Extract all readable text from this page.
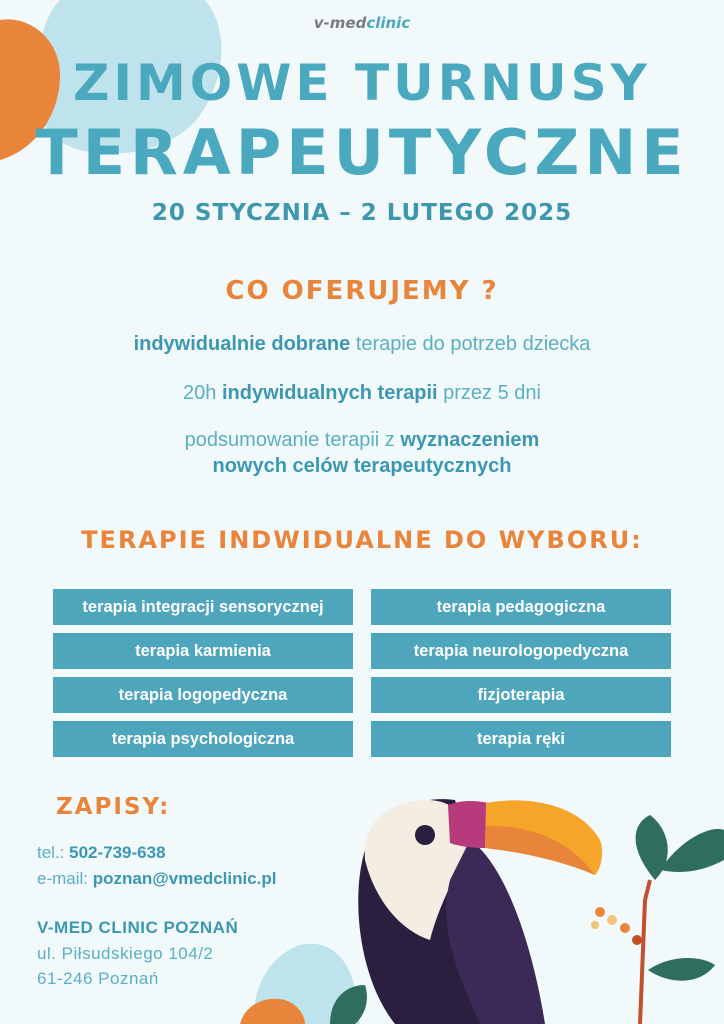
v-medclinic
ZIMOWE TURNUSY
TERAPEUTYCZNE
20 STYCZNIA – 2 LUTEGO 2025
CO OFERUJEMY ?
indywidualnie dobrane terapie do potrzeb dziecka
20h indywidualnych terapii przez 5 dni
podsumowanie terapii z wyznaczeniem
nowych celów terapeutycznych
TERAPIE INDWIDUALNE DO WYBORU:
terapia integracji sensorycznej	terapia pedagogiczna
terapia karmienia	terapia neurologopedyczna
terapia logopedyczna	fizjoterapia
terapia psychologiczna	terapia ręki
ZAPISY:
tel.: 502-739-638
e-mail: poznan@vmedclinic.pl
V-MED CLINIC POZNAŃ
ul. Piłsudskiego 104/2
61-246 Poznań
